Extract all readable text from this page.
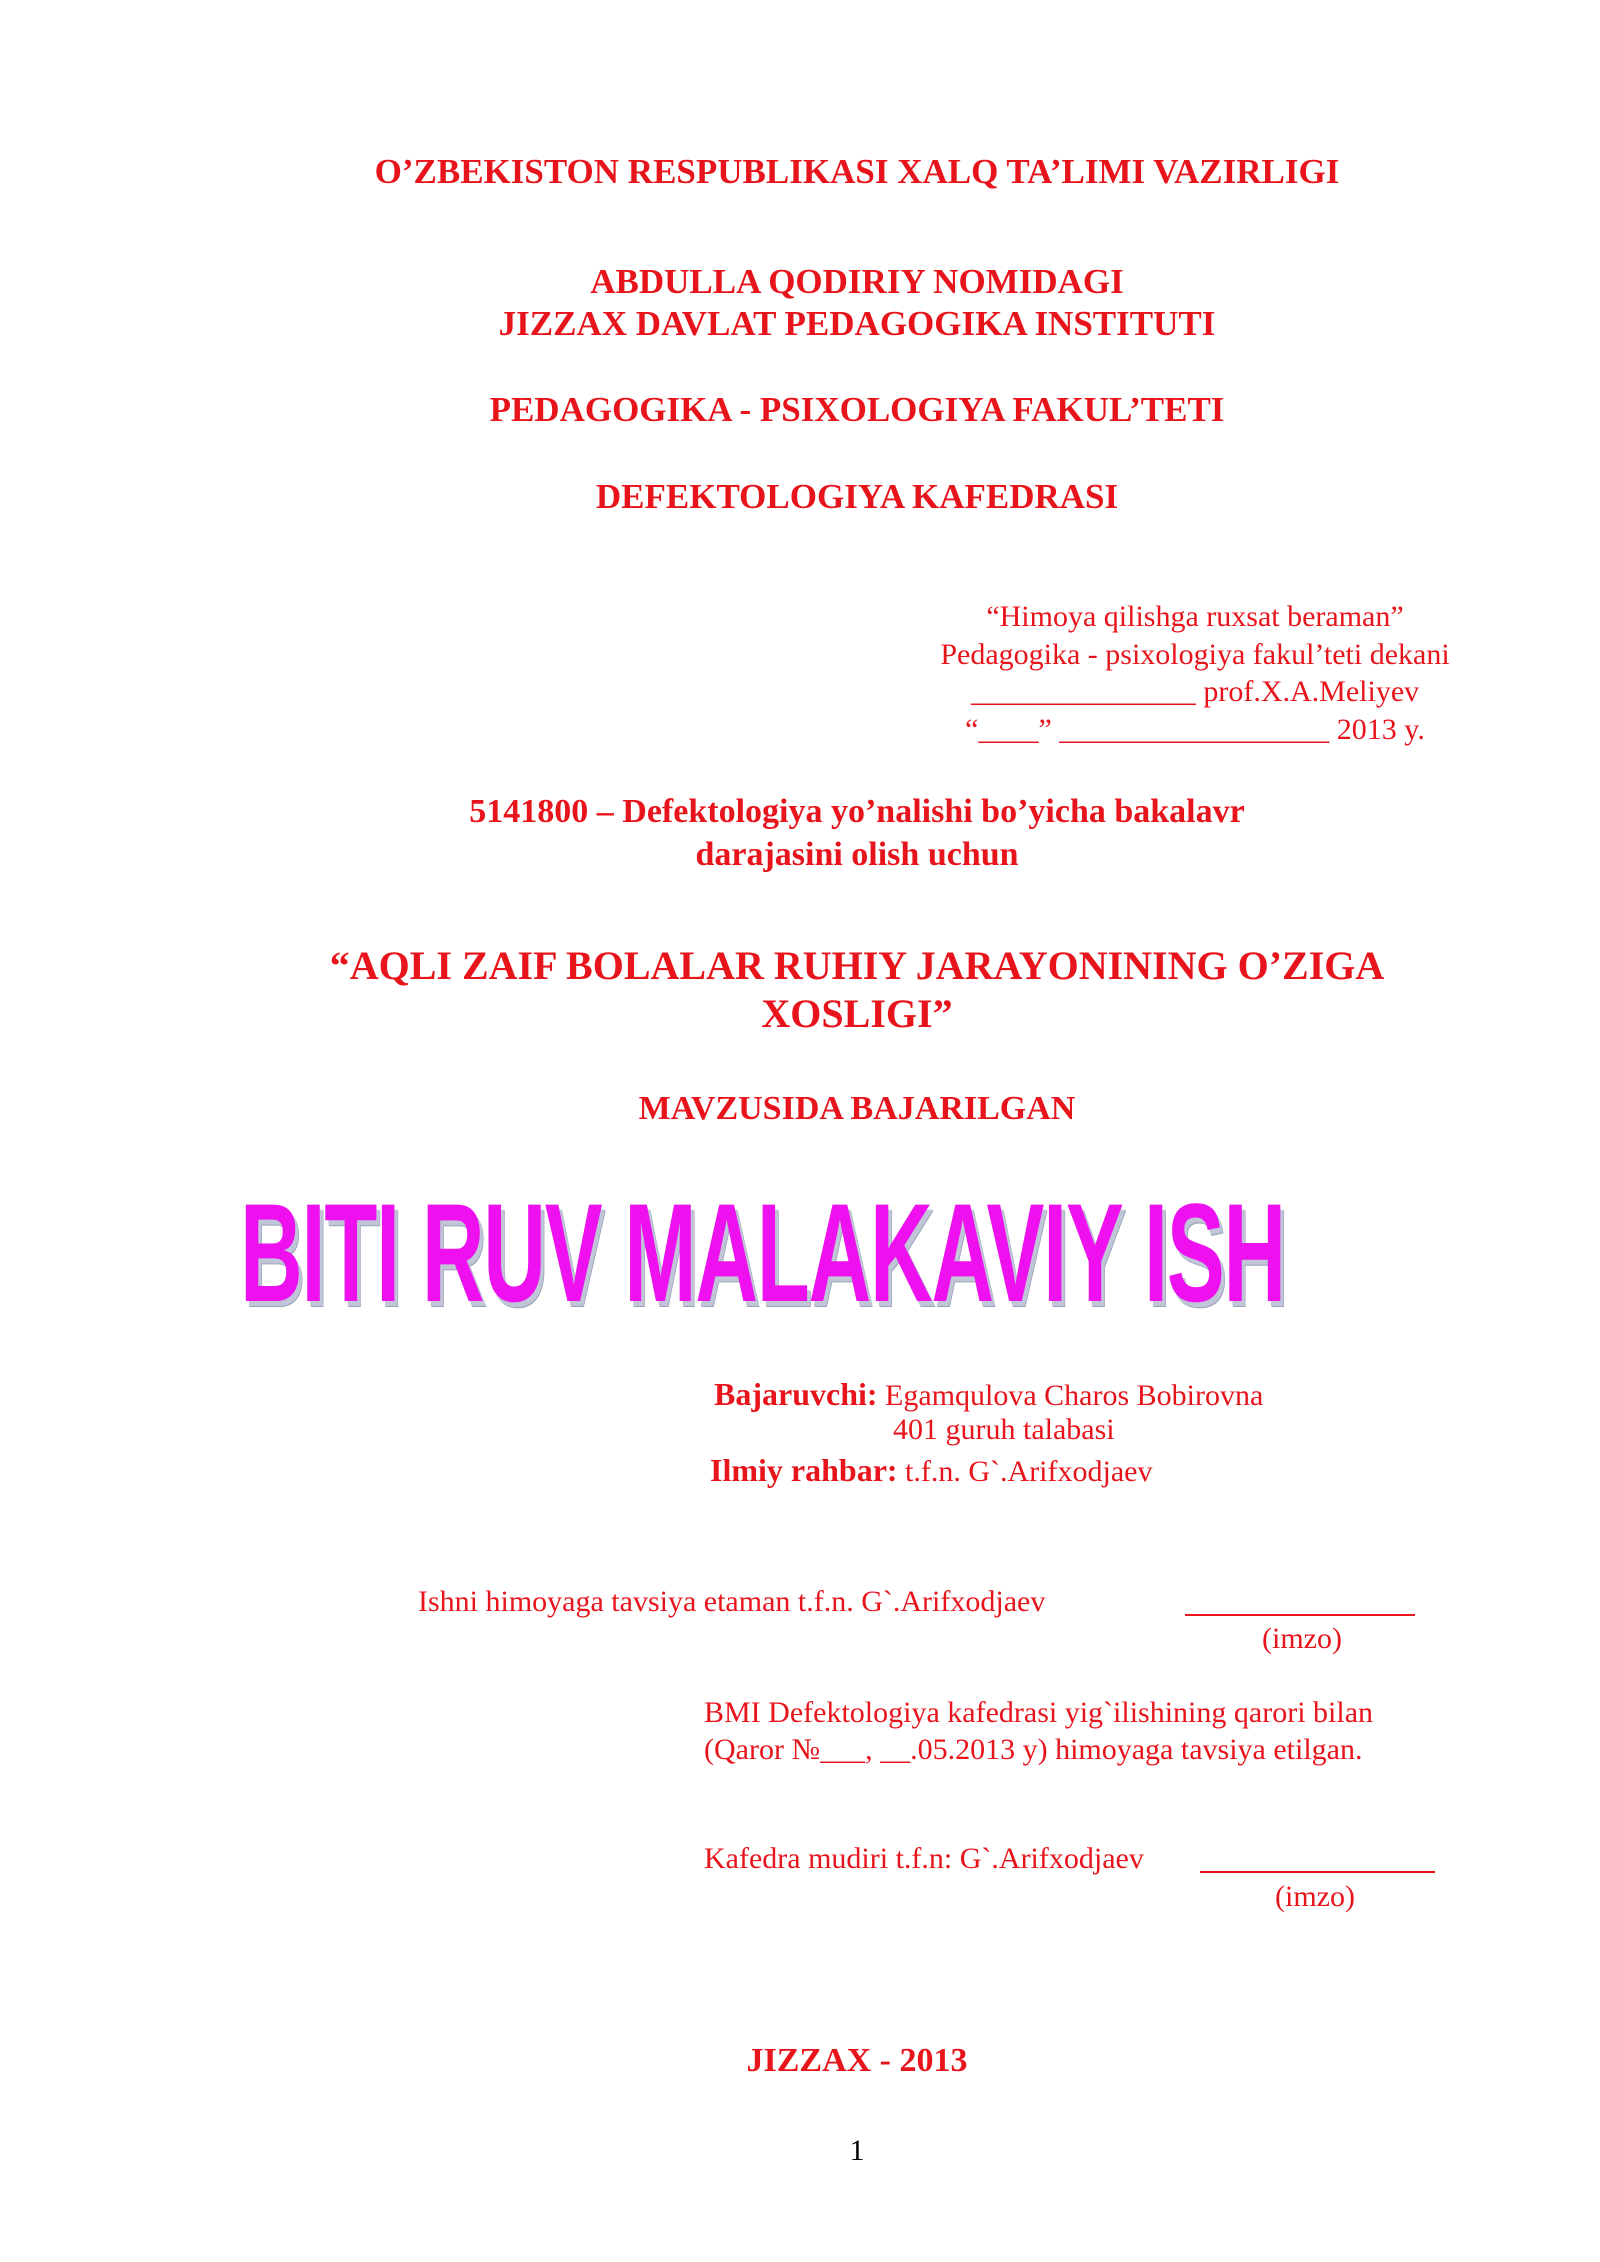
O’ZBEKISTON RESPUBLIKASI XALQ TA’LIMI VAZIRLIGI
ABDULLA QODIRIY NOMIDAGI
JIZZAX DAVLAT PEDAGOGIKA INSTITUTI
PEDAGOGIKA - PSIXOLOGIYA FAKUL’TETI
DEFEKTOLOGIYA KAFEDRASI
“Himoya qilishga ruxsat beraman”
Pedagogika - psixologiya fakul’teti dekani
_______________ prof.X.A.Meliyev
“____” __________________ 2013 y.
5141800 – Defektologiya yo’nalishi bo’yicha bakalavr
darajasini olish uchun
“AQLI ZAIF BOLALAR RUHIY JARAYONINING O’ZIGA
XOSLIGI”
MAVZUSIDA BAJARILGAN
BITI RUV MALAKAVIY ISH
Bajaruvchi: Egamqulova Charos Bobirovna
401 guruh talabasi
Ilmiy rahbar: t.f.n. G`.Arifxodjaev
Ishni himoyaga tavsiya etaman t.f.n. G`.Arifxodjaev
(imzo)
BMI Defektologiya kafedrasi yig`ilishining qarori bilan
(Qaror №___, __.05.2013 y) himoyaga tavsiya etilgan.
Kafedra mudiri t.f.n: G`.Arifxodjaev
(imzo)
JIZZAX - 2013
1
